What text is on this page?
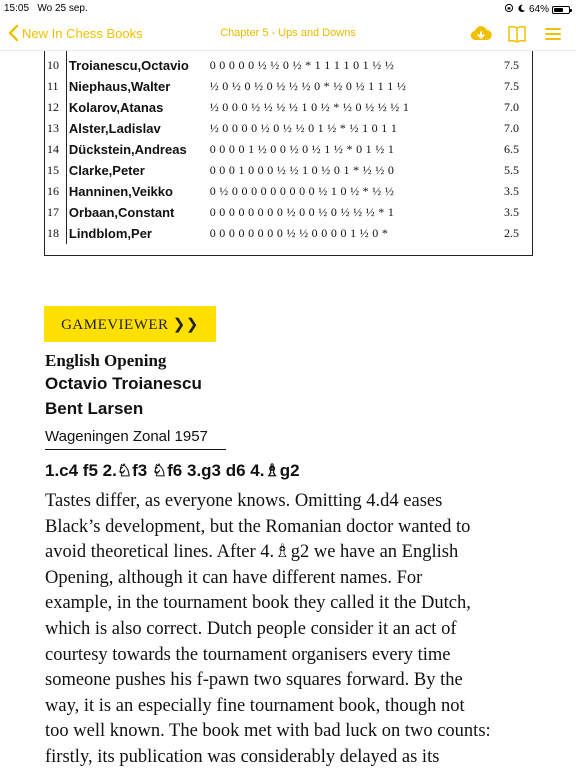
15:05 Wo 25 sep.	64%

10	Troianescu,Octavio	0 0 0 0 0 ½ ½ 0 ½ * 1 1 1 1 0 1 ½ ½	7.5
11	Niephaus,Walter	½ 0 ½ 0 ½ 0 ½ ½ ½ 0 * ½ 0 ½ 1 1 1 ½	7.5
12	Kolarov,Atanas	½ 0 0 0 ½ ½ ½ ½ 1 0 ½ * ½ 0 ½ ½ ½ 1	7.0
13	Alster,Ladislav	½ 0 0 0 0 ½ 0 ½ ½ 0 1 ½ * ½ 1 0 1 1	7.0
14	Dückstein,Andreas	0 0 0 0 1 ½ 0 0 ½ 0 ½ 1 ½ * 0 1 ½ 1	6.5
15	Clarke,Peter	0 0 0 1 0 0 0 ½ ½ 1 0 ½ 0 1 * ½ ½ 0	5.5
16	Hanninen,Veikko	0 ½ 0 0 0 0 0 0 0 0 0 ½ 1 0 ½ * ½ ½	3.5
17	Orbaan,Constant	0 0 0 0 0 0 0 0 ½ 0 0 ½ 0 ½ ½ ½ * 1	3.5
18	Lindblom,Per	0 0 0 0 0 0 0 0 ½ ½ 0 0 0 0 1 ½ 0 *	2.5
New In Chess Books	Chapter 5 - Ups and Downs
GAMEVIEWER ❯❯
English Opening
Octavio Troianescu
Bent Larsen
Wageningen Zonal 1957
1.c4 f5 2.♘f3 ♘f6 3.g3 d6 4.♗g2

Tastes differ, as everyone knows. Omitting 4.d4 eases

Black’s development, but the Romanian doctor wanted to

avoid theoretical lines. After 4.♗g2 we have an English

Opening, although it can have different names. For

example, in the tournament book they called it the Dutch,

which is also correct. Dutch people consider it an act of

courtesy towards the tournament organisers every time

someone pushes his f-pawn two squares forward. By the

way, it is an especially fine tournament book, though not

too well known. The book met with bad luck on two counts:

firstly, its publication was considerably delayed as its
